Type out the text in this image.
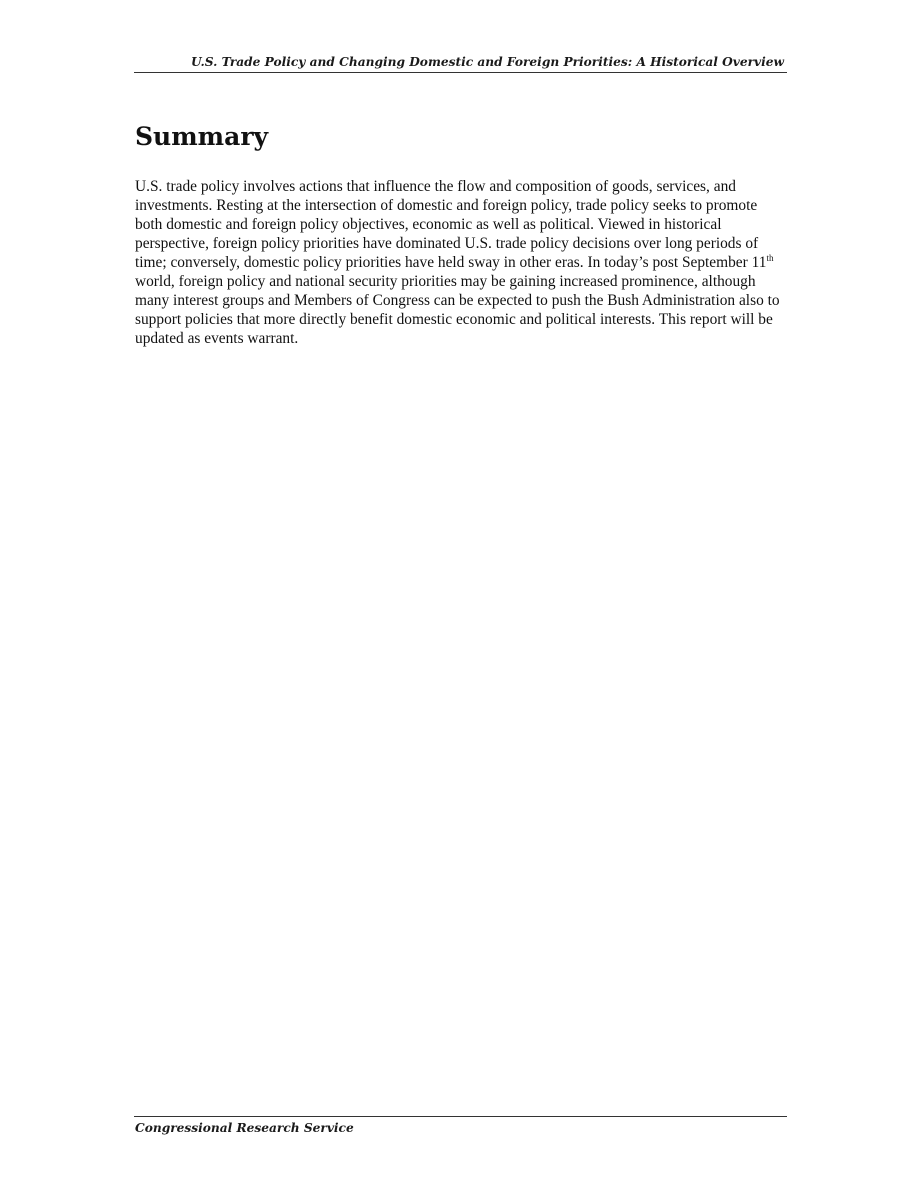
U.S. Trade Policy and Changing Domestic and Foreign Priorities: A Historical Overview
Summary

U.S. trade policy involves actions that influence the flow and composition of goods, services, and investments. Resting at the intersection of domestic and foreign policy, trade policy seeks to promote both domestic and foreign policy objectives, economic as well as political. Viewed in historical perspective, foreign policy priorities have dominated U.S. trade policy decisions over long periods of time; conversely, domestic policy priorities have held sway in other eras. In today’s post September 11th world, foreign policy and national security priorities may be gaining increased prominence, although many interest groups and Members of Congress can be expected to push the Bush Administration also to support policies that more directly benefit domestic economic and political interests. This report will be updated as events warrant.

Congressional Research Service
